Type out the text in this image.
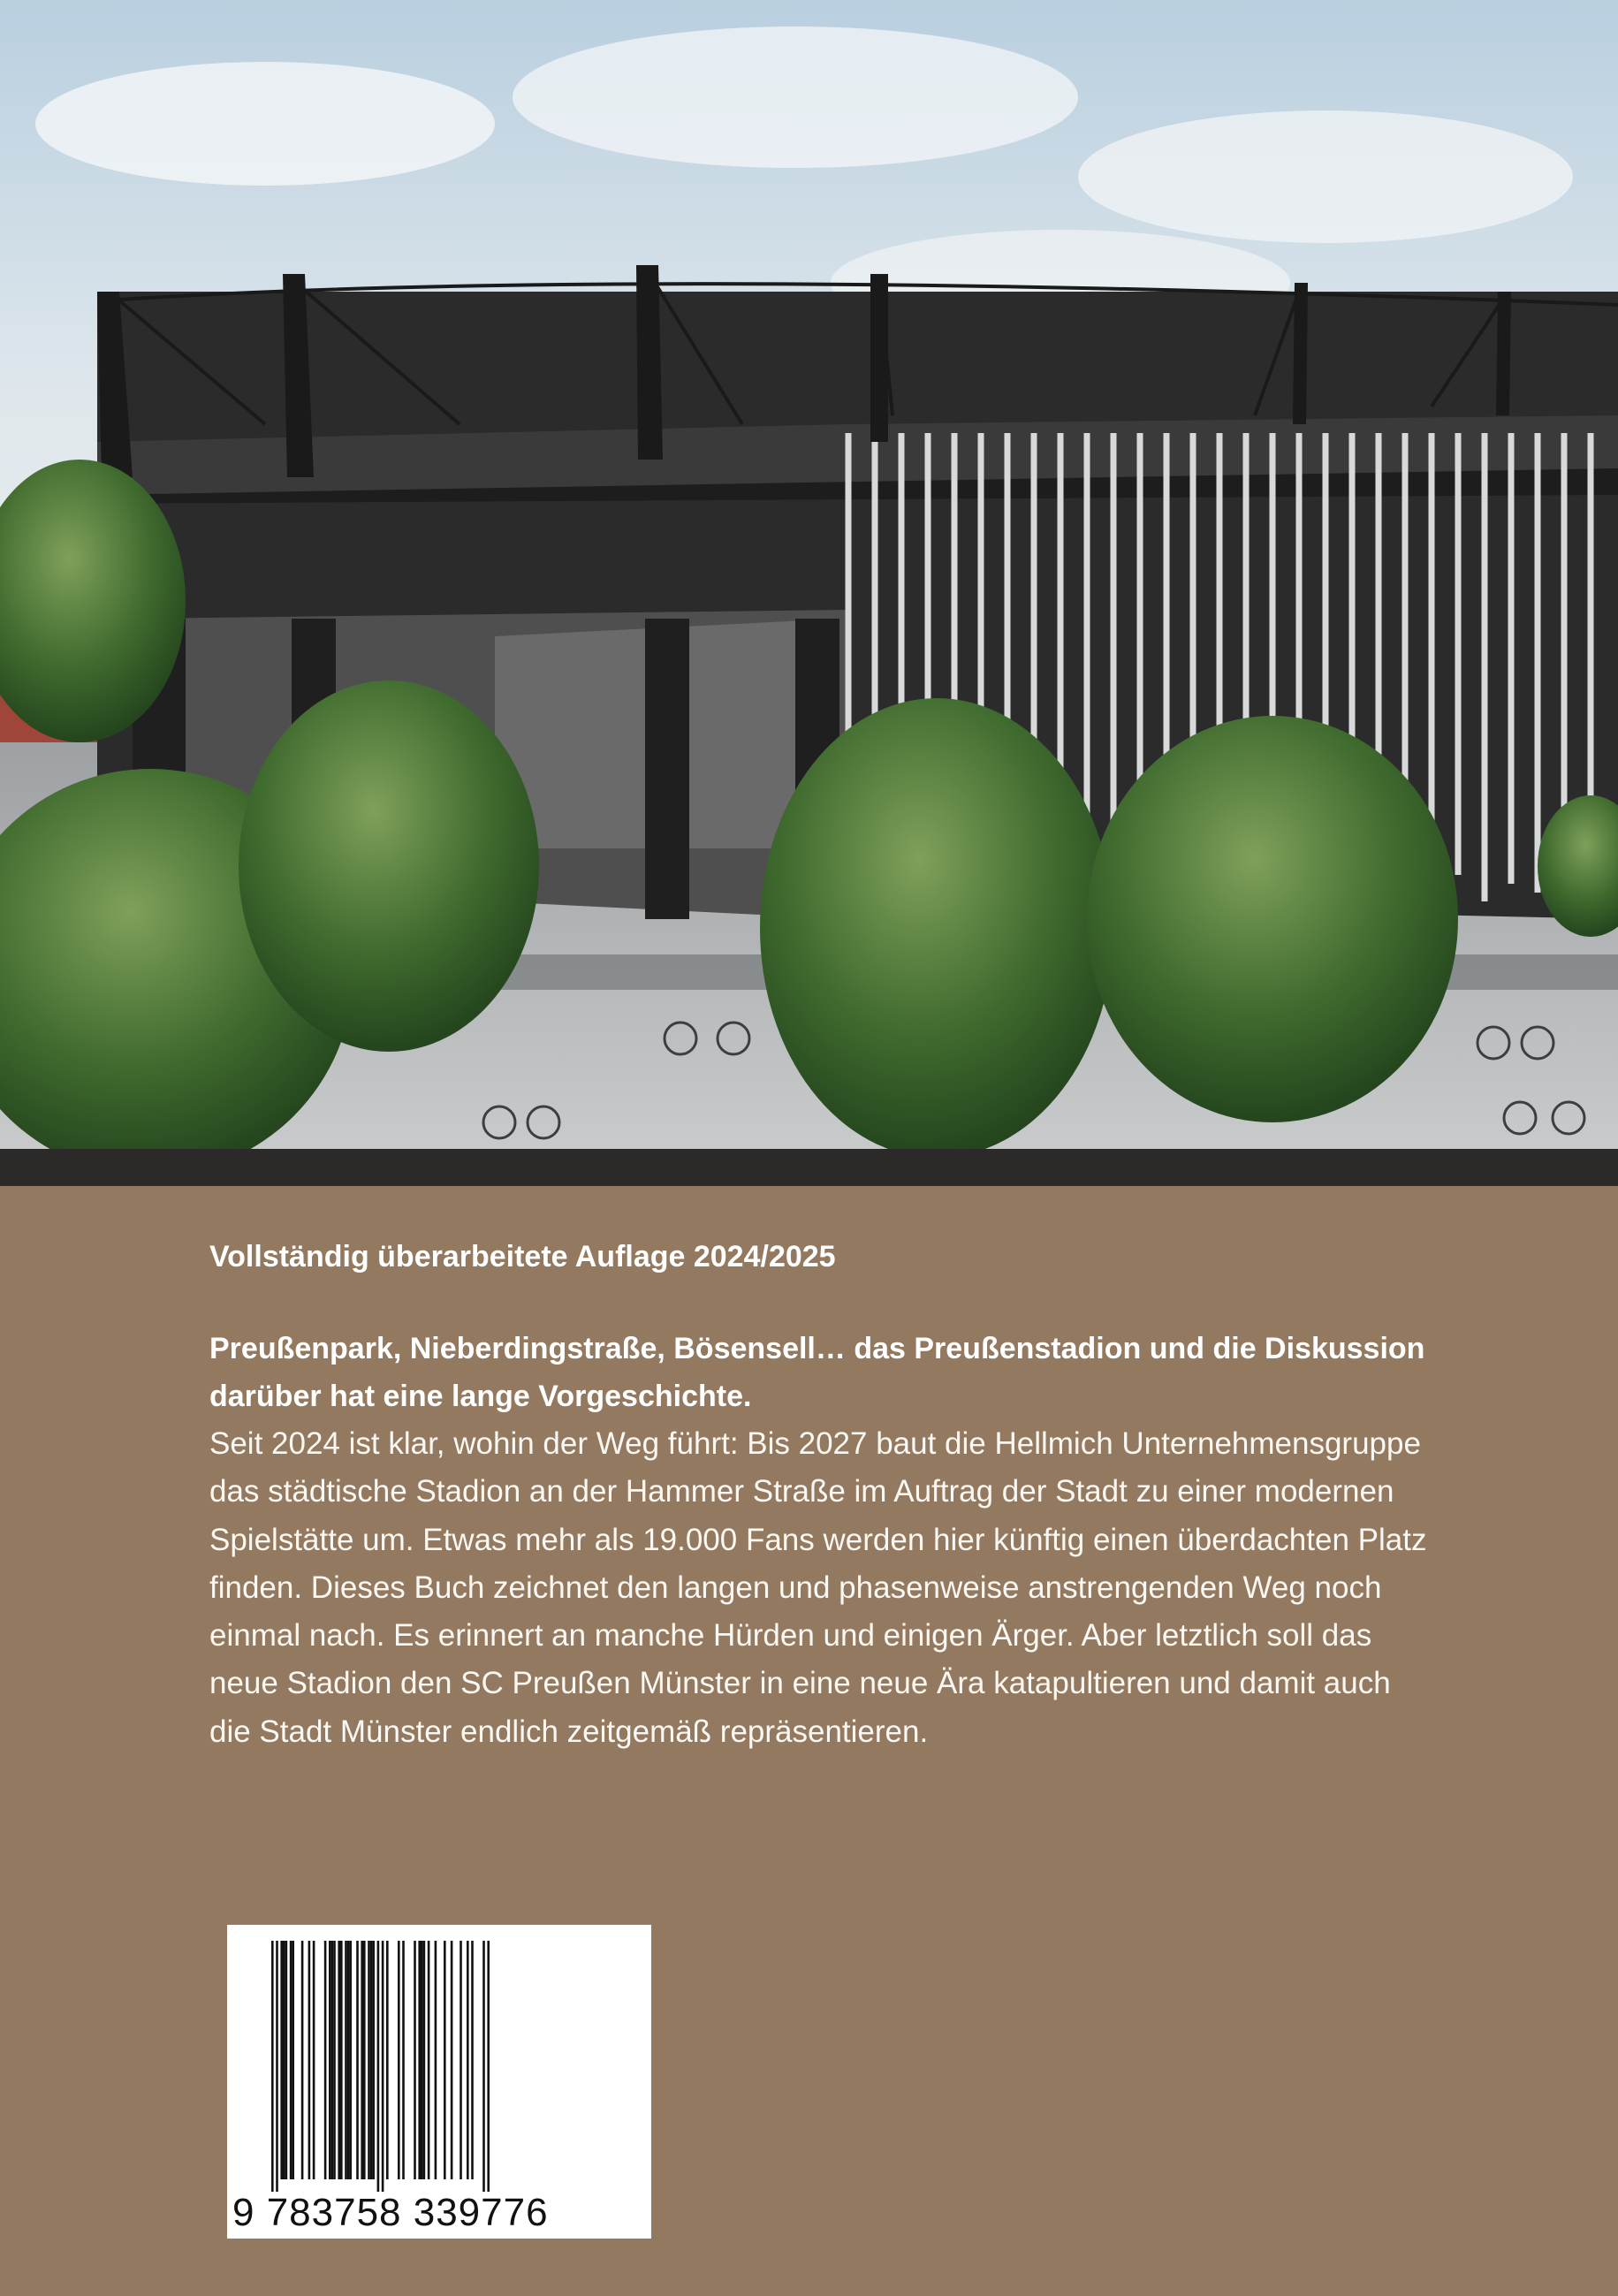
Vollständig überarbeitete Auflage 2024/2025

Preußenpark, Nieberdingstraße, Bösensell… das Preußenstadion und die Diskussion darüber hat eine lange Vorgeschichte.

Seit 2024 ist klar, wohin der Weg führt: Bis 2027 baut die Hellmich Unternehmensgruppe das städtische Stadion an der Hammer Straße im Auftrag der Stadt zu einer modernen Spielstätte um. Etwas mehr als 19.000 Fans werden hier künftig einen überdachten Platz finden. Dieses Buch zeichnet den langen und phasenweise anstrengenden Weg noch einmal nach. Es erinnert an manche Hürden und einigen Ärger. Aber letztlich soll das neue Stadion den SC Preußen Münster in eine neue Ära katapultieren und damit auch die Stadt Münster endlich zeitgemäß repräsentieren.

9 783758 339776
